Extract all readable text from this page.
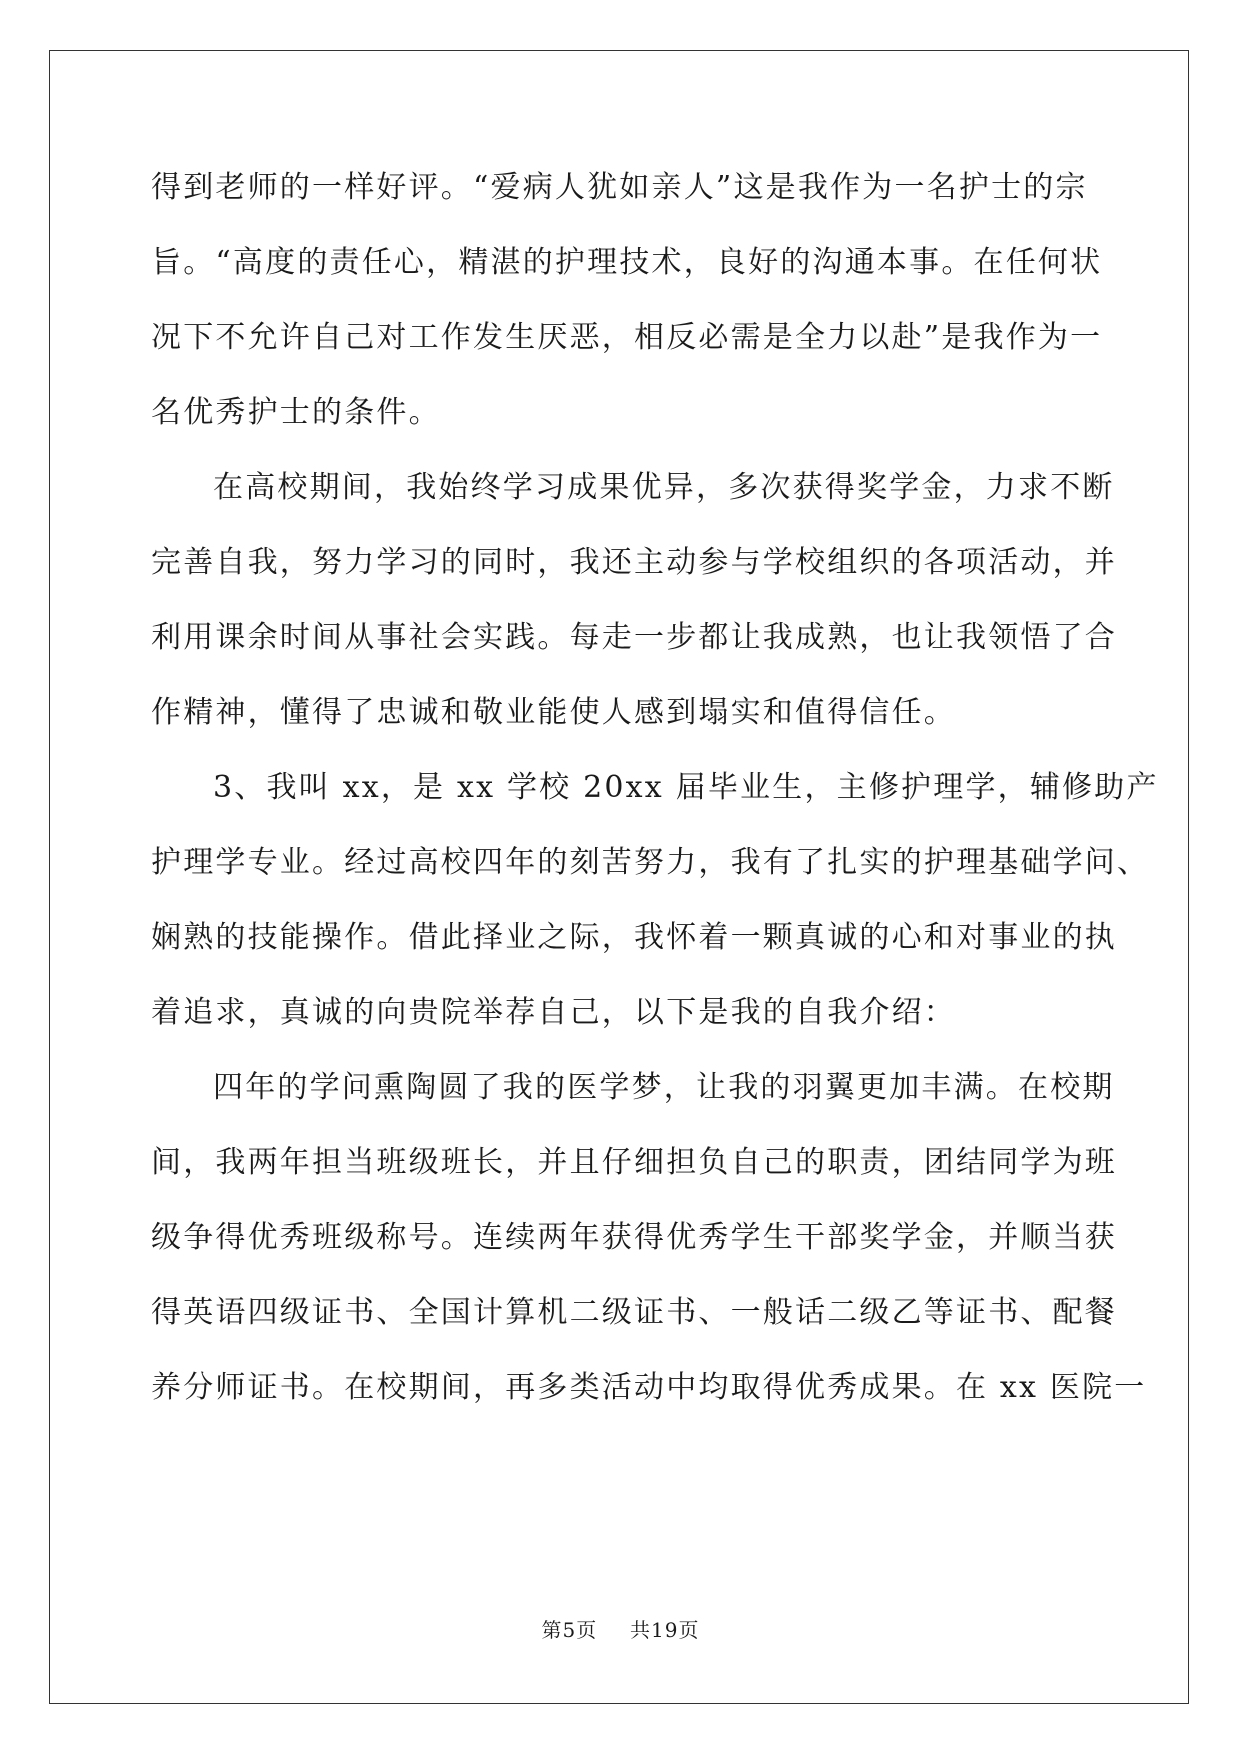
得到老师的一样好评。“爱病人犹如亲人”这是我作为一名护士的宗
旨。“高度的责任心，精湛的护理技术，良好的沟通本事。在任何状
况下不允许自己对工作发生厌恶，相反必需是全力以赴”是我作为一
名优秀护士的条件。
在高校期间，我始终学习成果优异，多次获得奖学金，力求不断
完善自我，努力学习的同时，我还主动参与学校组织的各项活动，并
利用课余时间从事社会实践。每走一步都让我成熟，也让我领悟了合
作精神，懂得了忠诚和敬业能使人感到塌实和值得信任。
3、我叫 xx，是 xx 学校 20xx 届毕业生，主修护理学，辅修助产
护理学专业。经过高校四年的刻苦努力，我有了扎实的护理基础学问、
娴熟的技能操作。借此择业之际，我怀着一颗真诚的心和对事业的执
着追求，真诚的向贵院举荐自己，以下是我的自我介绍：
四年的学问熏陶圆了我的医学梦，让我的羽翼更加丰满。在校期
间，我两年担当班级班长，并且仔细担负自己的职责，团结同学为班
级争得优秀班级称号。连续两年获得优秀学生干部奖学金，并顺当获
得英语四级证书、全国计算机二级证书、一般话二级乙等证书、配餐
养分师证书。在校期间，再多类活动中均取得优秀成果。在 xx 医院一
第5页 共19页
